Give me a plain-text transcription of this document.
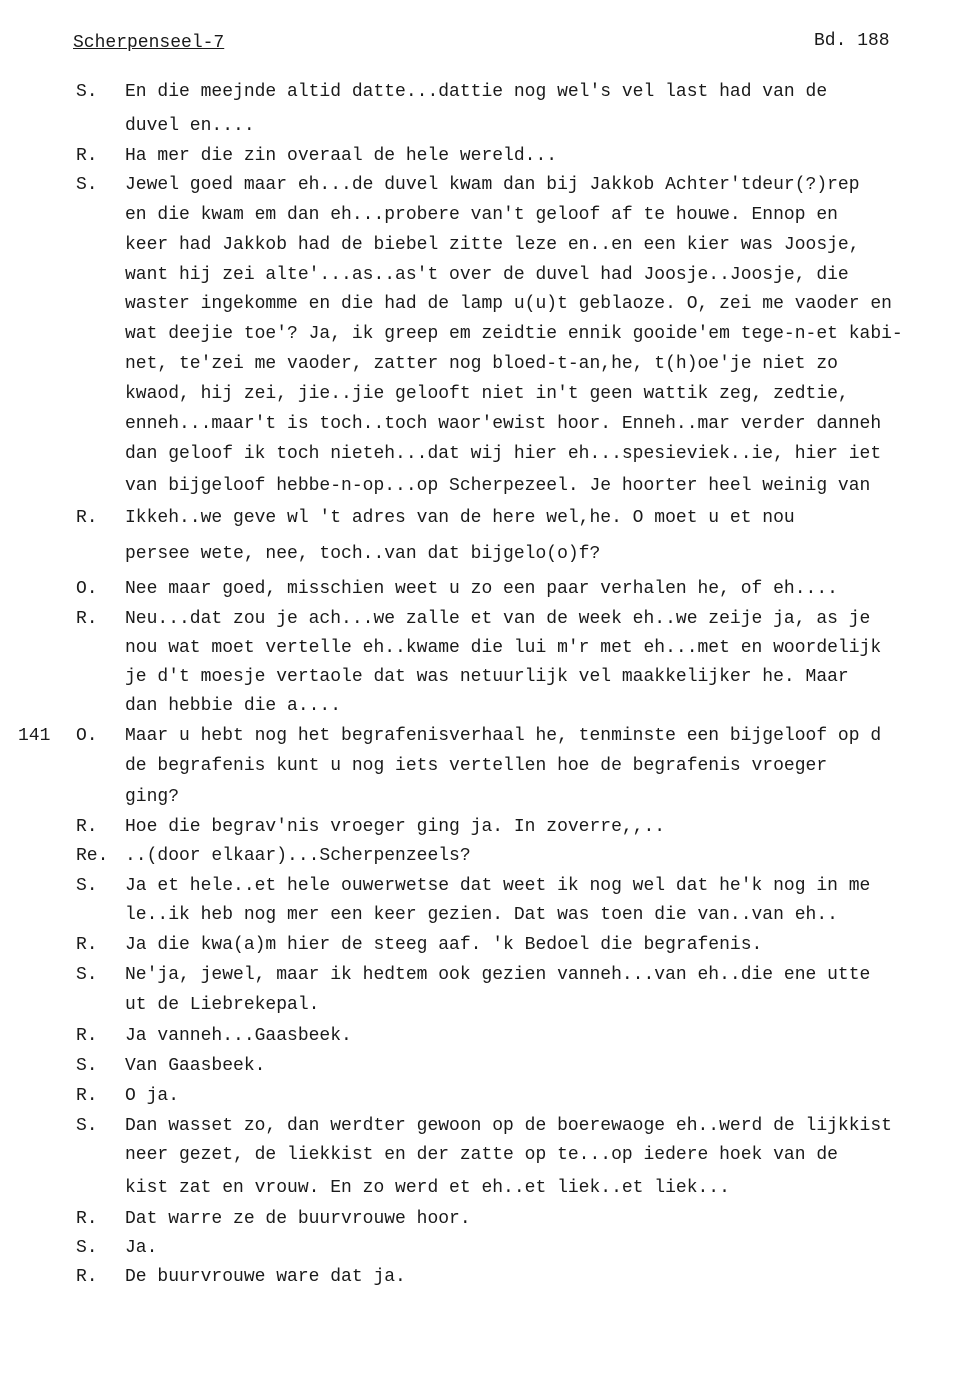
Scherpenseel-7	Bd. 188
141
S. En die meejnde altid datte...dattie nog wel's vel last had van de
duvel en....
R. Ha mer die zin overaal de hele wereld...
S. Jewel goed maar eh...de duvel kwam dan bij Jakkob Achter'tdeur(?)rep
en die kwam em dan eh...probere van't geloof af te houwe. Ennop en
keer had Jakkob had de biebel zitte leze en..en een kier was Joosje,
want hij zei alte'...as..as't over de duvel had Joosje..Joosje, die
waster ingekomme en die had de lamp u(u)t geblaoze. O, zei me vaoder en
wat deejie toe'? Ja, ik greep em zeidtie ennik gooide'em tege-n-et kabi-
net, te'zei me vaoder, zatter nog bloed-t-an,he, t(h)oe'je niet zo
kwaod, hij zei, jie..jie gelooft niet in't geen wattik zeg, zedtie,
enneh...maar't is toch..toch waor'ewist hoor. Enneh..mar verder danneh
dan geloof ik toch nieteh...dat wij hier eh...spesieviek..ie, hier iet
van bijgeloof hebbe-n-op...op Scherpezeel. Je hoorter heel weinig van
R. Ikkeh..we geve wl 't adres van de here wel,he. O moet u et nou
persee wete, nee, toch..van dat bijgelo(o)f?
O. Nee maar goed, misschien weet u zo een paar verhalen he, of eh....
R. Neu...dat zou je ach...we zalle et van de week eh..we zeije ja, as je
nou wat moet vertelle eh..kwame die lui m'r met eh...met en woordelijk
je d't moesje vertaole dat was netuurlijk vel maakkelijker he. Maar
dan hebbie die a....
O. Maar u hebt nog het begrafenisverhaal he, tenminste een bijgeloof op d
de begrafenis kunt u nog iets vertellen hoe de begrafenis vroeger
ging?
R. Hoe die begrav'nis vroeger ging ja. In zoverre,,..
Re. ..(door elkaar)...Scherpenzeels?
S. Ja et hele..et hele ouwerwetse dat weet ik nog wel dat he'k nog in me
le..ik heb nog mer een keer gezien. Dat was toen die van..van eh..
R. Ja die kwa(a)m hier de steeg aaf. 'k Bedoel die begrafenis.
S. Ne'ja, jewel, maar ik hedtem ook gezien vanneh...van eh..die ene utte
ut de Liebrekepal.
R. Ja vanneh...Gaasbeek.
S. Van Gaasbeek.
R. O ja.
S. Dan wasset zo, dan werdter gewoon op de boerewaoge eh..werd de lijkkist
neer gezet, de liekkist en der zatte op te...op iedere hoek van de
kist zat en vrouw. En zo werd et eh..et liek..et liek...
R. Dat warre ze de buurvrouwe hoor.
S. Ja.
R. De buurvrouwe ware dat ja.
